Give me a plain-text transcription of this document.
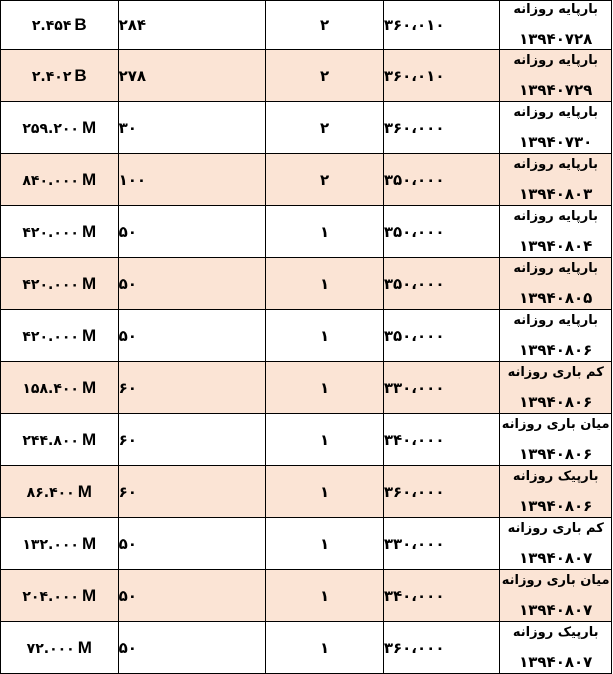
۲.۴۵۴ B	۲۸۴	۲	۳۶۰،۰۱۰	بارپایه روزانه
۱۳۹۴۰۷۲۸

۲.۴۰۲ B	۲۷۸	۲	۳۶۰،۰۱۰	بارپایه روزانه
۱۳۹۴۰۷۲۹

۲۵۹.۲۰۰ M	۳۰	۲	۳۶۰،۰۰۰	بارپایه روزانه
۱۳۹۴۰۷۳۰

۸۴۰.۰۰۰ M	۱۰۰	۲	۳۵۰،۰۰۰	بارپایه روزانه
۱۳۹۴۰۸۰۳

۴۲۰.۰۰۰ M	۵۰	۱	۳۵۰،۰۰۰	بارپایه روزانه
۱۳۹۴۰۸۰۴

۴۲۰.۰۰۰ M	۵۰	۱	۳۵۰،۰۰۰	بارپایه روزانه
۱۳۹۴۰۸۰۵

۴۲۰.۰۰۰ M	۵۰	۱	۳۵۰،۰۰۰	بارپایه روزانه
۱۳۹۴۰۸۰۶

۱۵۸.۴۰۰ M	۶۰	۱	۳۳۰،۰۰۰	کم باری روزانه
۱۳۹۴۰۸۰۶

۲۴۴.۸۰۰ M	۶۰	۱	۳۴۰،۰۰۰	میان باری روزانه
۱۳۹۴۰۸۰۶

۸۶.۴۰۰ M	۶۰	۱	۳۶۰،۰۰۰	بارپیک روزانه
۱۳۹۴۰۸۰۶

۱۳۲.۰۰۰ M	۵۰	۱	۳۳۰،۰۰۰	کم باری روزانه
۱۳۹۴۰۸۰۷

۲۰۴.۰۰۰ M	۵۰	۱	۳۴۰،۰۰۰	میان باری روزانه
۱۳۹۴۰۸۰۷

۷۲.۰۰۰ M	۵۰	۱	۳۶۰،۰۰۰	بارپیک روزانه
۱۳۹۴۰۸۰۷
